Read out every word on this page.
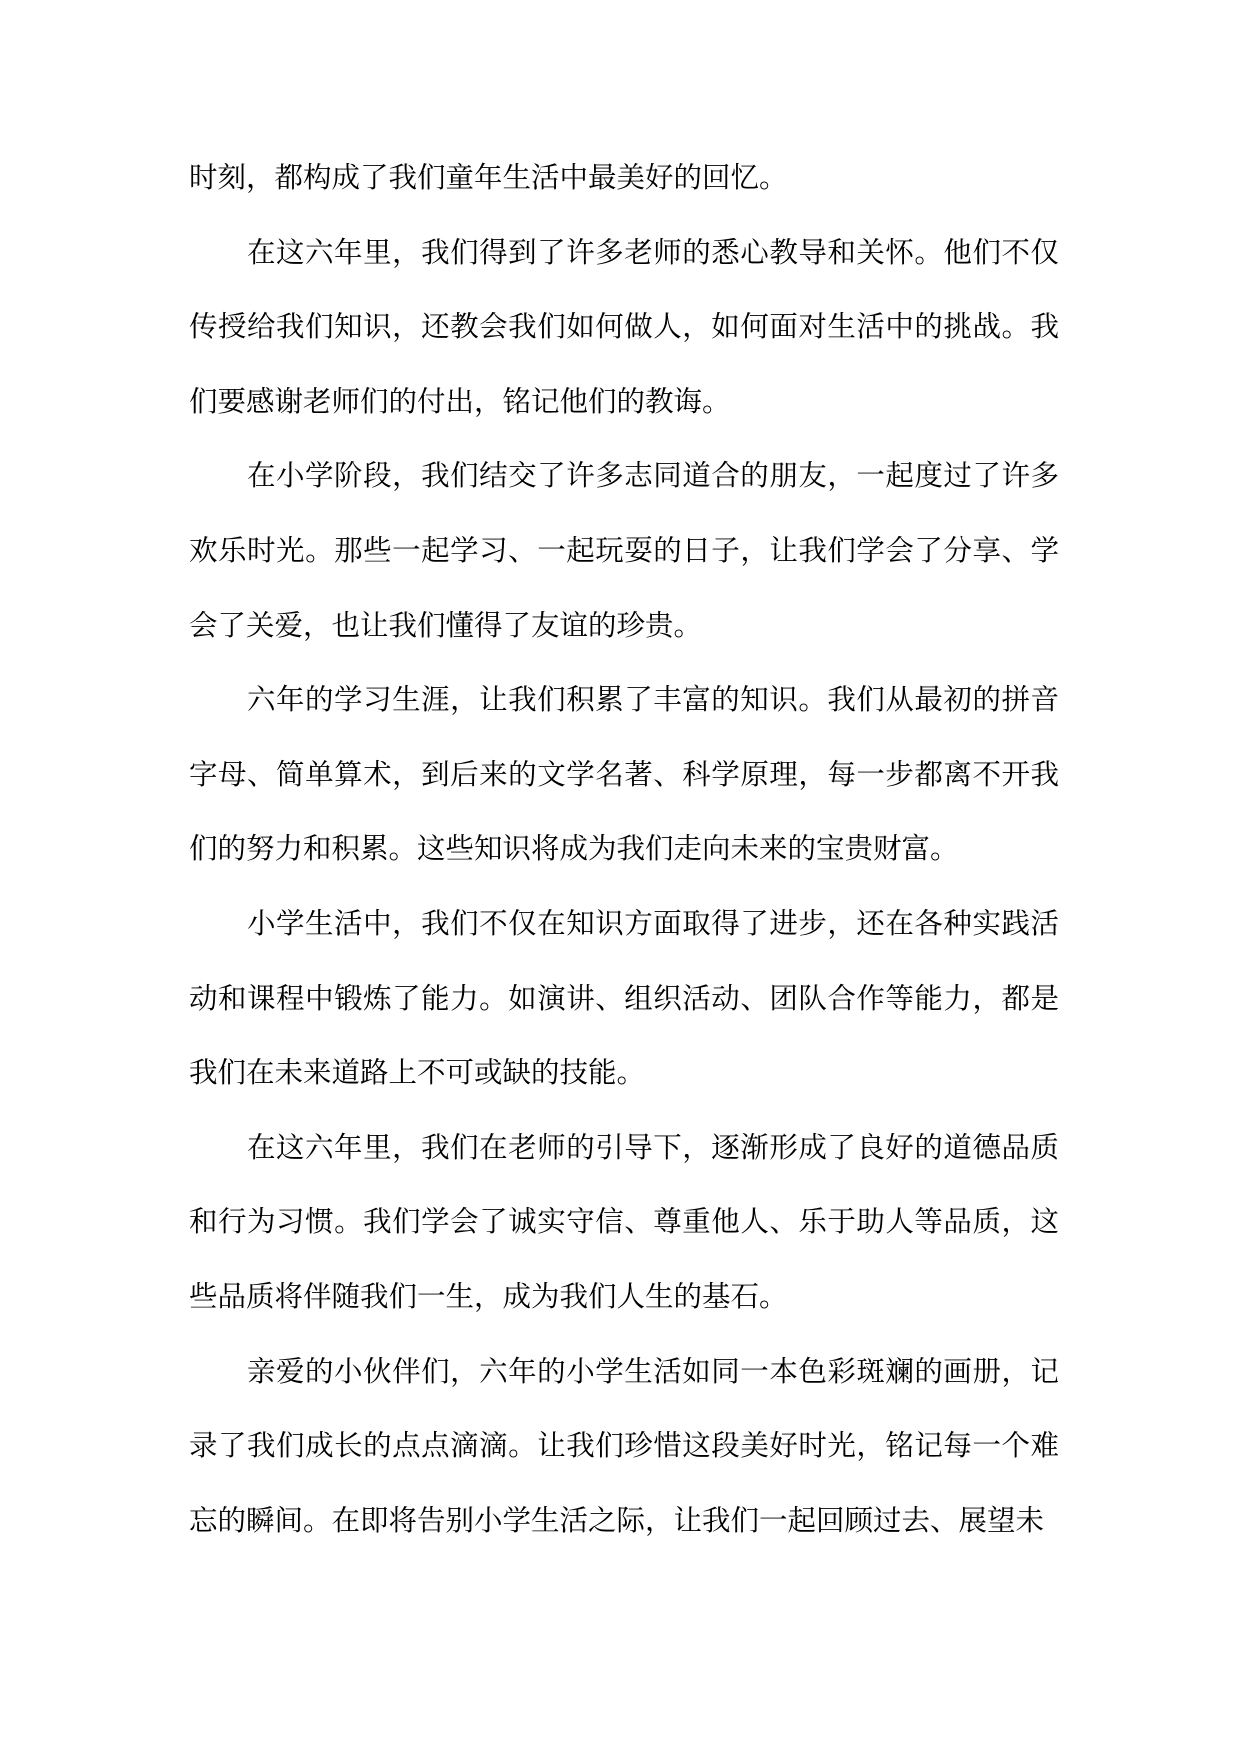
时刻，都构成了我们童年生活中最美好的回忆。

在这六年里，我们得到了许多老师的悉心教导和关怀。他们不仅传授给我们知识，还教会我们如何做人，如何面对生活中的挑战。我们要感谢老师们的付出，铭记他们的教诲。

在小学阶段，我们结交了许多志同道合的朋友，一起度过了许多欢乐时光。那些一起学习、一起玩耍的日子，让我们学会了分享、学会了关爱，也让我们懂得了友谊的珍贵。

六年的学习生涯，让我们积累了丰富的知识。我们从最初的拼音字母、简单算术，到后来的文学名著、科学原理，每一步都离不开我们的努力和积累。这些知识将成为我们走向未来的宝贵财富。

小学生活中，我们不仅在知识方面取得了进步，还在各种实践活动和课程中锻炼了能力。如演讲、组织活动、团队合作等能力，都是我们在未来道路上不可或缺的技能。

在这六年里，我们在老师的引导下，逐渐形成了良好的道德品质和行为习惯。我们学会了诚实守信、尊重他人、乐于助人等品质，这些品质将伴随我们一生，成为我们人生的基石。

亲爱的小伙伴们，六年的小学生活如同一本色彩斑斓的画册，记录了我们成长的点点滴滴。让我们珍惜这段美好时光，铭记每一个难忘的瞬间。在即将告别小学生活之际，让我们一起回顾过去、展望未
